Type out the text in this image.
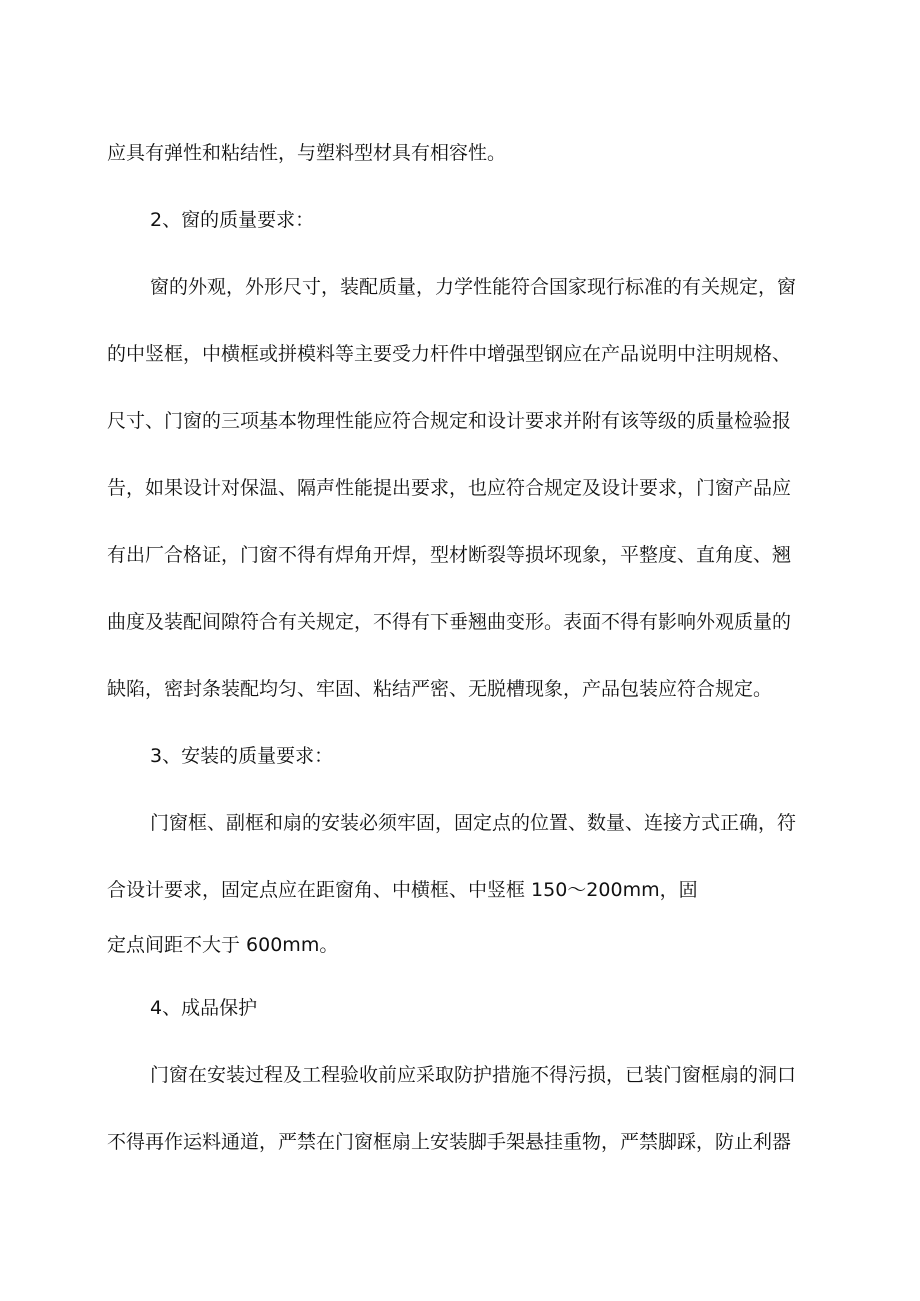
应具有弹性和粘结性，与塑料型材具有相容性。
2、窗的质量要求：
窗的外观，外形尺寸，装配质量，力学性能符合国家现行标准的有关规定，窗
的中竖框，中横框或拼模料等主要受力杆件中增强型钢应在产品说明中注明规格、
尺寸、门窗的三项基本物理性能应符合规定和设计要求并附有该等级的质量检验报
告，如果设计对保温、隔声性能提出要求，也应符合规定及设计要求，门窗产品应
有出厂合格证，门窗不得有焊角开焊，型材断裂等损坏现象，平整度、直角度、翘
曲度及装配间隙符合有关规定，不得有下垂翘曲变形。表面不得有影响外观质量的
缺陷，密封条装配均匀、牢固、粘结严密、无脱槽现象，产品包装应符合规定。
3、安装的质量要求：
门窗框、副框和扇的安装必须牢固，固定点的位置、数量、连接方式正确，符
合设计要求，固定点应在距窗角、中横框、中竖框 150～200mm，固
定点间距不大于 600mm。
4、成品保护
门窗在安装过程及工程验收前应采取防护措施不得污损，已装门窗框扇的洞口
不得再作运料通道，严禁在门窗框扇上安装脚手架悬挂重物，严禁脚踩，防止利器
